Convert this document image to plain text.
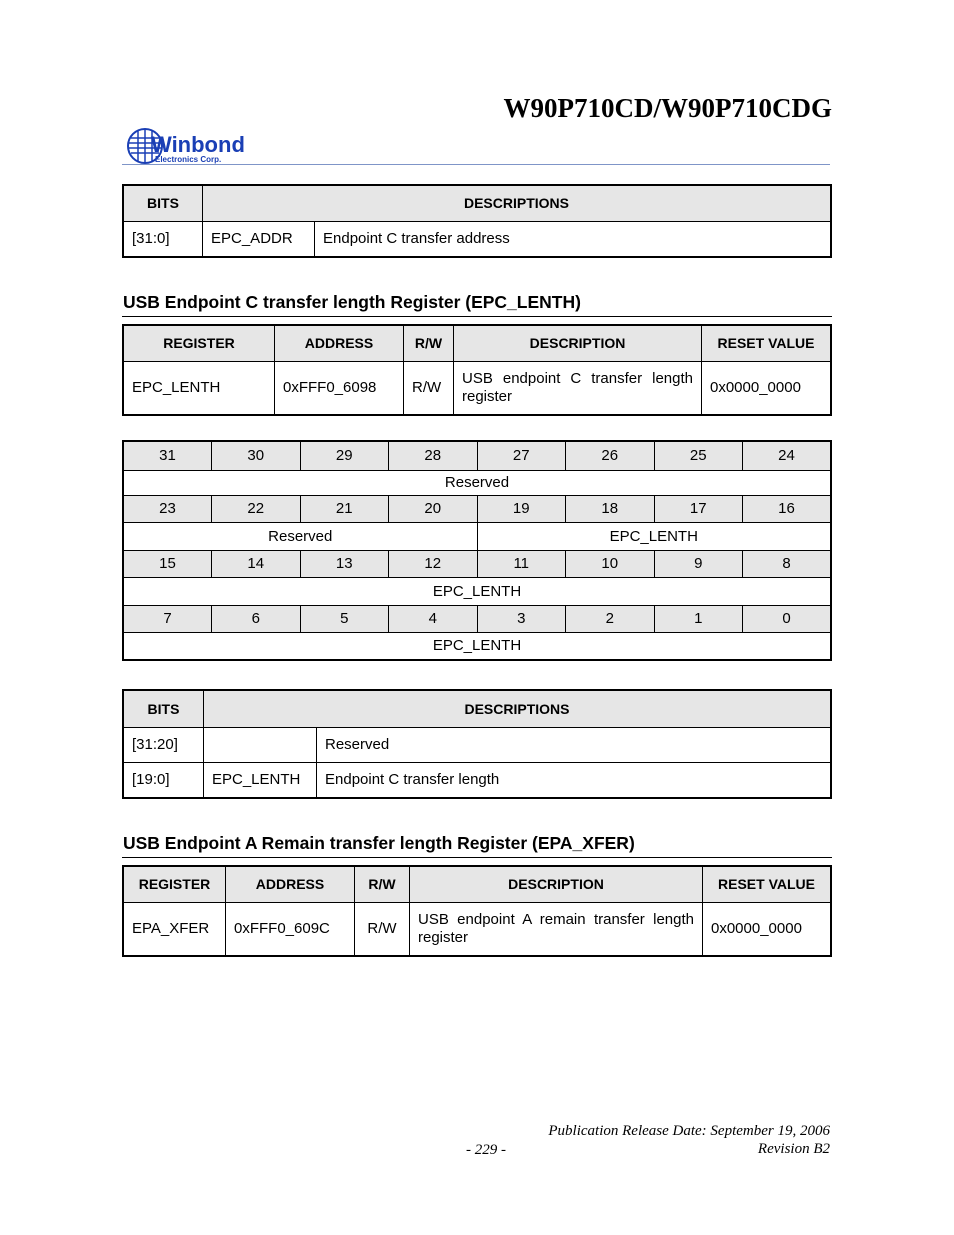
W90P710CD/W90P710CDG
Winbond
Electronics Corp.
BITS	DESCRIPTIONS	
[31:0]	EPC_ADDR	Endpoint C transfer address
USB Endpoint C transfer length Register (EPC_LENTH)
REGISTER	ADDRESS	R/W	DESCRIPTION	RESET VALUE
EPC_LENTH	0xFFF0_6098	R/W	USB endpoint C transfer length register	0x0000_0000
31	30	29	28	27	26	25	24
Reserved							
23	22	21	20	19	18	17	16
Reserved				EPC_LENTH			
15	14	13	12	11	10	9	8
EPC_LENTH							
7	6	5	4	3	2	1	0
EPC_LENTH							
BITS	DESCRIPTIONS	
[31:20]		Reserved
[19:0]	EPC_LENTH	Endpoint C transfer length
USB Endpoint A Remain transfer length Register (EPA_XFER)
REGISTER	ADDRESS	R/W	DESCRIPTION	RESET VALUE
EPA_XFER	0xFFF0_609C	R/W	USB endpoint A remain transfer length register	0x0000_0000
Publication Release Date: September 19, 2006
- 229 -	Revision B2
